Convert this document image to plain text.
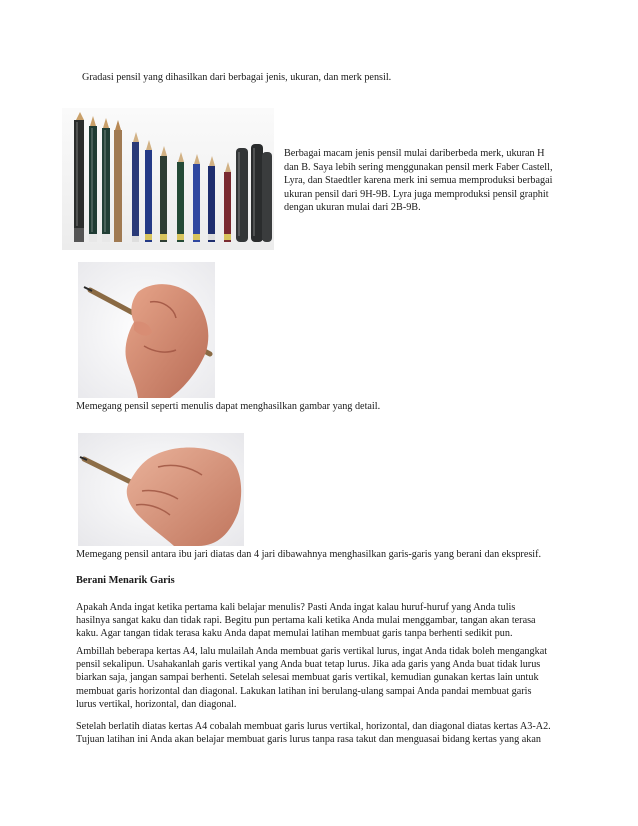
Gradasi pensil yang dihasilkan dari berbagai jenis, ukuran, dan merk pensil.
Berbagai macam jenis pensil mulai dariberbeda merk, ukuran H
dan B. Saya lebih sering menggunakan pensil merk Faber Castell,
Lyra, dan Staedtler karena merk ini semua memproduksi berbagai
ukuran pensil dari 9H-9B. Lyra juga memproduksi pensil graphit
dengan ukuran mulai dari 2B-9B.
Memegang pensil seperti menulis dapat menghasilkan gambar yang detail.
Memegang pensil antara ibu jari diatas dan 4 jari dibawahnya menghasilkan garis-garis yang berani dan ekspresif.
Berani Menarik Garis
Apakah Anda ingat ketika pertama kali belajar menulis? Pasti Anda ingat kalau huruf-huruf yang Anda tulis
hasilnya sangat kaku dan tidak rapi. Begitu pun pertama kali ketika Anda mulai menggambar, tangan akan terasa
kaku. Agar tangan tidak terasa kaku Anda dapat memulai latihan membuat garis tanpa berhenti sedikit pun.
Ambillah beberapa kertas A4, lalu mulailah Anda membuat garis vertikal lurus, ingat Anda tidak boleh mengangkat
pensil sekalipun. Usahakanlah garis vertikal yang Anda buat tetap lurus. Jika ada garis yang Anda buat tidak lurus
biarkan saja, jangan sampai berhenti. Setelah selesai membuat garis vertikal, kemudian gunakan kertas lain untuk
membuat garis horizontal dan diagonal. Lakukan latihan ini berulang-ulang sampai Anda pandai membuat garis
lurus vertikal, horizontal, dan diagonal.
Setelah berlatih diatas kertas A4 cobalah membuat garis lurus vertikal, horizontal, dan diagonal diatas kertas A3-A2.
Tujuan latihan ini Anda akan belajar membuat garis lurus tanpa rasa takut dan menguasai bidang kertas yang akan
